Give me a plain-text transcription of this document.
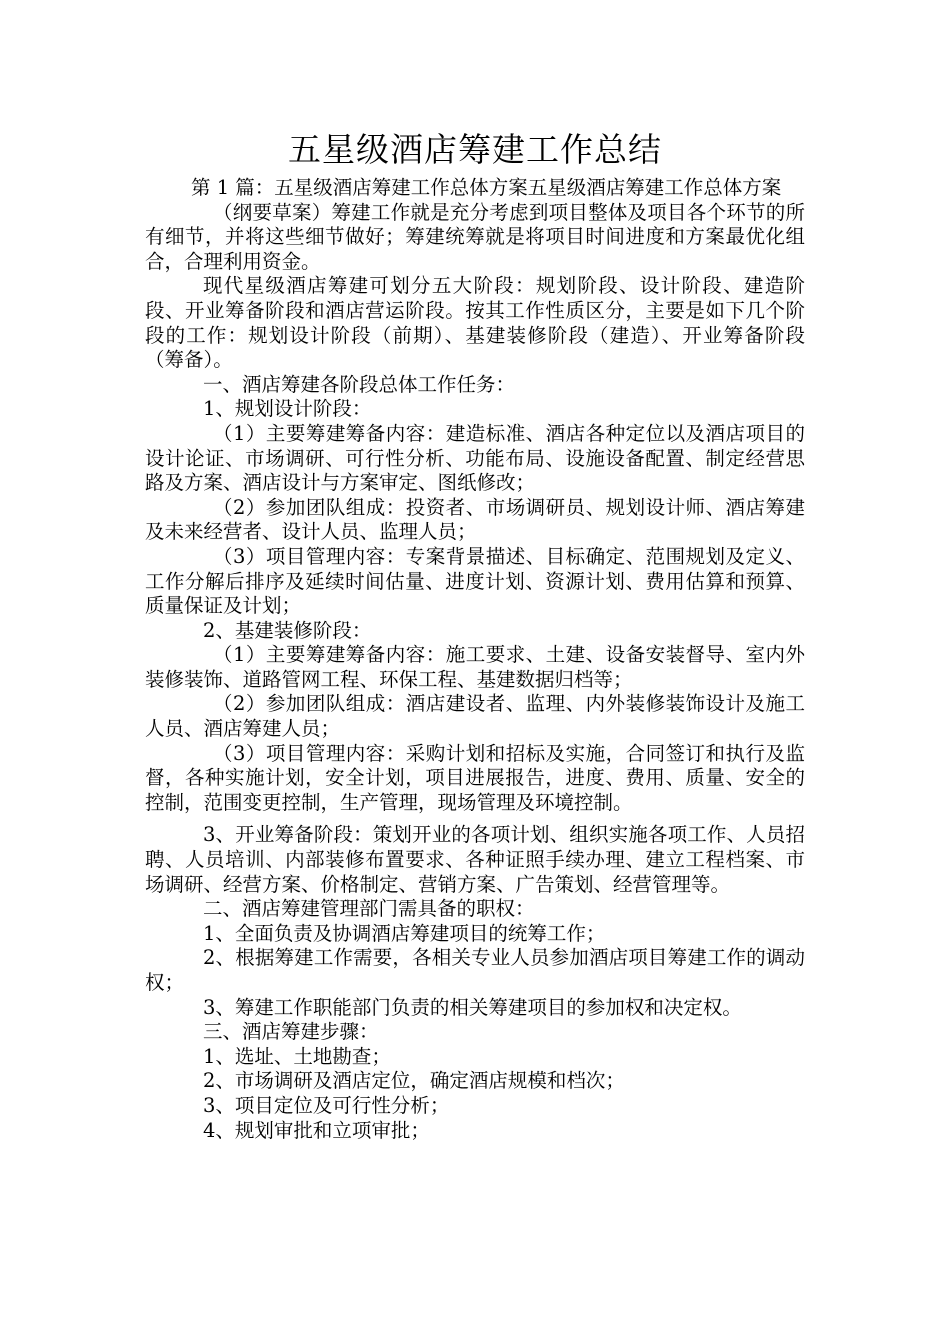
五星级酒店筹建工作总结

第 1 篇：五星级酒店筹建工作总体方案五星级酒店筹建工作总体方案

（纲要草案）筹建工作就是充分考虑到项目整体及项目各个环节的所有细节，并将这些细节做好；筹建统筹就是将项目时间进度和方案最优化组合，合理利用资金。

现代星级酒店筹建可划分五大阶段：规划阶段、设计阶段、建造阶段、开业筹备阶段和酒店营运阶段。按其工作性质区分，主要是如下几个阶段的工作：规划设计阶段（前期）、基建装修阶段（建造）、开业筹备阶段（筹备）。

一、酒店筹建各阶段总体工作任务：

1、规划设计阶段：

（1）主要筹建筹备内容：建造标准、酒店各种定位以及酒店项目的设计论证、市场调研、可行性分析、功能布局、设施设备配置、制定经营思路及方案、酒店设计与方案审定、图纸修改；

（2）参加团队组成：投资者、市场调研员、规划设计师、酒店筹建及未来经营者、设计人员、监理人员；

（3）项目管理内容：专案背景描述、目标确定、范围规划及定义、工作分解后排序及延续时间估量、进度计划、资源计划、费用估算和预算、质量保证及计划；

2、基建装修阶段：

（1）主要筹建筹备内容：施工要求、土建、设备安装督导、室内外装修装饰、道路管网工程、环保工程、基建数据归档等；

（2）参加团队组成：酒店建设者、监理、内外装修装饰设计及施工人员、酒店筹建人员；

（3）项目管理内容：采购计划和招标及实施，合同签订和执行及监督，各种实施计划，安全计划，项目进展报告，进度、费用、质量、安全的控制，范围变更控制，生产管理，现场管理及环境控制。

3、开业筹备阶段：策划开业的各项计划、组织实施各项工作、人员招聘、人员培训、内部装修布置要求、各种证照手续办理、建立工程档案、市场调研、经营方案、价格制定、营销方案、广告策划、经营管理等。

二、酒店筹建管理部门需具备的职权：

1、全面负责及协调酒店筹建项目的统筹工作；

2、根据筹建工作需要，各相关专业人员参加酒店项目筹建工作的调动权；

3、筹建工作职能部门负责的相关筹建项目的参加权和决定权。

三、酒店筹建步骤：

1、选址、土地勘查；

2、市场调研及酒店定位，确定酒店规模和档次；

3、项目定位及可行性分析；

4、规划审批和立项审批；
